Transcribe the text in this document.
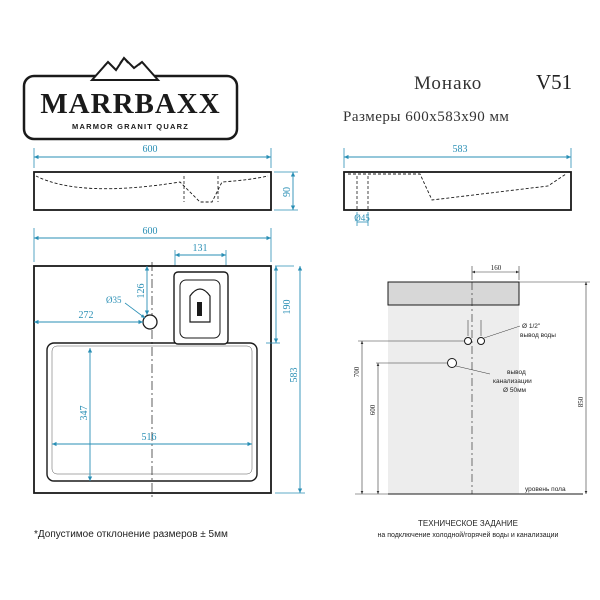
MARRBAXX
MARMOR GRANIT QUARZ
Монако	V51
Размеры 600x583x90 мм
600
90
583
Ø45
600
131
126
Ø35
272
190
583
347
516
160
Ø 1/2"
вывод воды
вывод
канализации
Ø 50мм
700
600
850
уровень пола
*Допустимое отклонение размеров ± 5мм
ТЕХНИЧЕСКОЕ ЗАДАНИЕ
на подключение холодной/горячей воды и канализации
